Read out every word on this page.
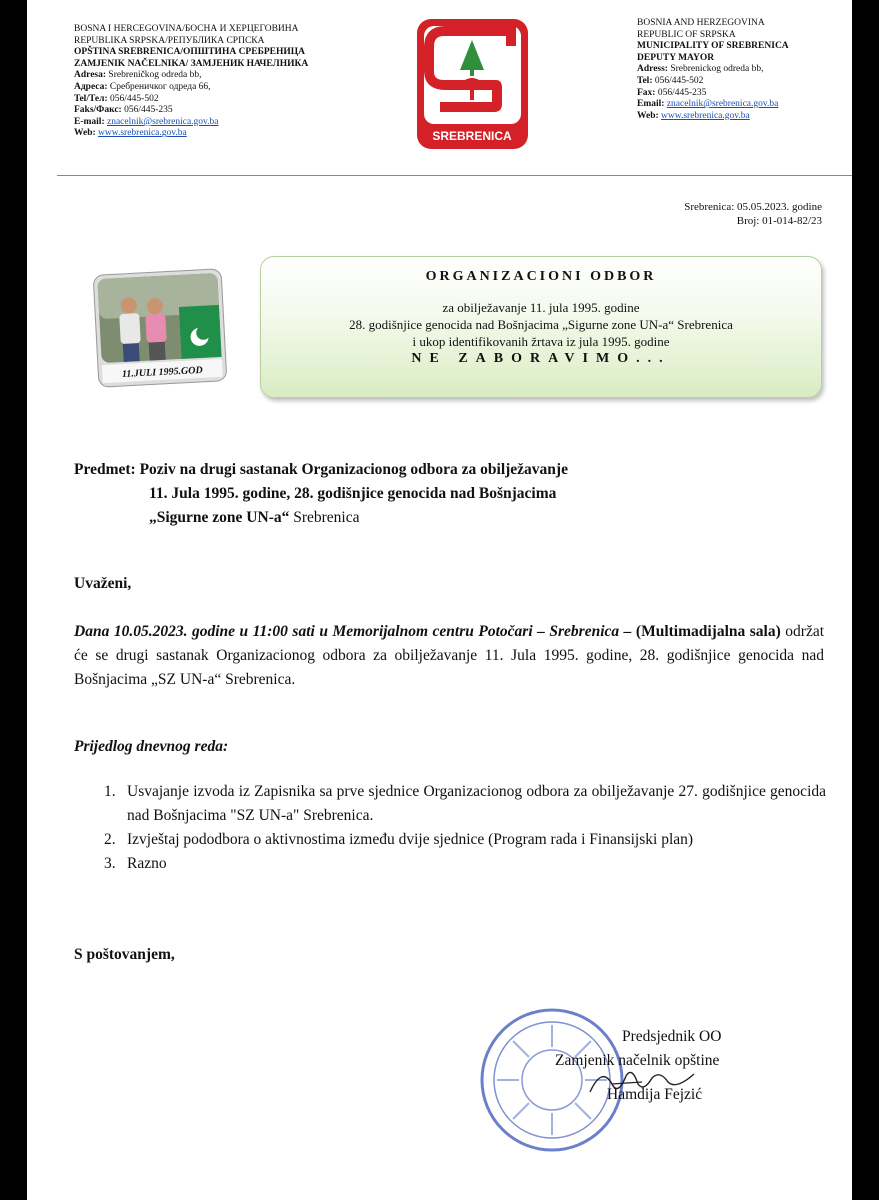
BOSNA I HERCEGOVINA/БОСНА И ХЕРЦЕГОВИНА
REPUBLIKA SRPSKA/РЕПУБЛИКА СРПСКА
OPŠTINA SREBRENICA/ОПШТИНА СРЕБРЕНИЦА
ZAMJENIK NAČELNIKA/ ЗАМЈЕНИК НАЧЕЛНИКА
Adresa: Srebreničkog odreda bb,
Адреса: Сребреничког одреда 66,
Tel/Тел: 056/445-502
Faks/Факс: 056/445-235
E-mail: znacelnik@srebrenica.gov.ba
Web: www.srebrenica.gov.ba	SREBRENICA
BOSNIA AND HERZEGOVINA
REPUBLIC OF SRPSKA
MUNICIPALITY OF SREBRENICA
DEPUTY MAYOR
Adress: Srebrenickog odreda bb,
Tel: 056/445-502
Fax: 056/445-235
Email: znacelnik@srebrenica.gov.ba
Web: www.srebrenica.gov.ba
Srebrenica: 05.05.2023. godine
Broj: 01-014-82/23
11.JULI 1995.GOD
ORGANIZACIONI ODBOR
za obilježavanje 11. jula 1995. godine
28. godišnjice genocida nad Bošnjacima „Sigurne zone UN-a“ Srebrenica
i ukop identifikovanih žrtava iz jula 1995. godine
NE ZABORAVIMO...
Predmet: Poziv na drugi sastanak Organizacionog odbora za obilježavanje
11. Jula 1995. godine, 28. godišnjice genocida nad Bošnjacima
„Sigurne zone UN-a“ Srebrenica
Uvaženi,
Dana 10.05.2023. godine u 11:00 sati u Memorijalnom centru Potočari – Srebrenica – (Multimadijalna sala) održat će se drugi sastanak Organizacionog odbora za obilježavanje 11. Jula 1995. godine, 28. godišnjice genocida nad Bošnjacima „SZ UN-a“ Srebrenica.
Prijedlog dnevnog reda:
1. Usvajanje izvoda iz Zapisnika sa prve sjednice Organizacionog odbora za obilježavanje 27. godišnjice genocida nad Bošnjacima "SZ UN-a" Srebrenica.
2. Izvještaj pododbora o aktivnostima između dvije sjednice (Program rada i Finansijski plan)
3. Razno
S poštovanjem,
Predsjednik OO
Zamjenik načelnik opštine
Hamdija Fejzić
